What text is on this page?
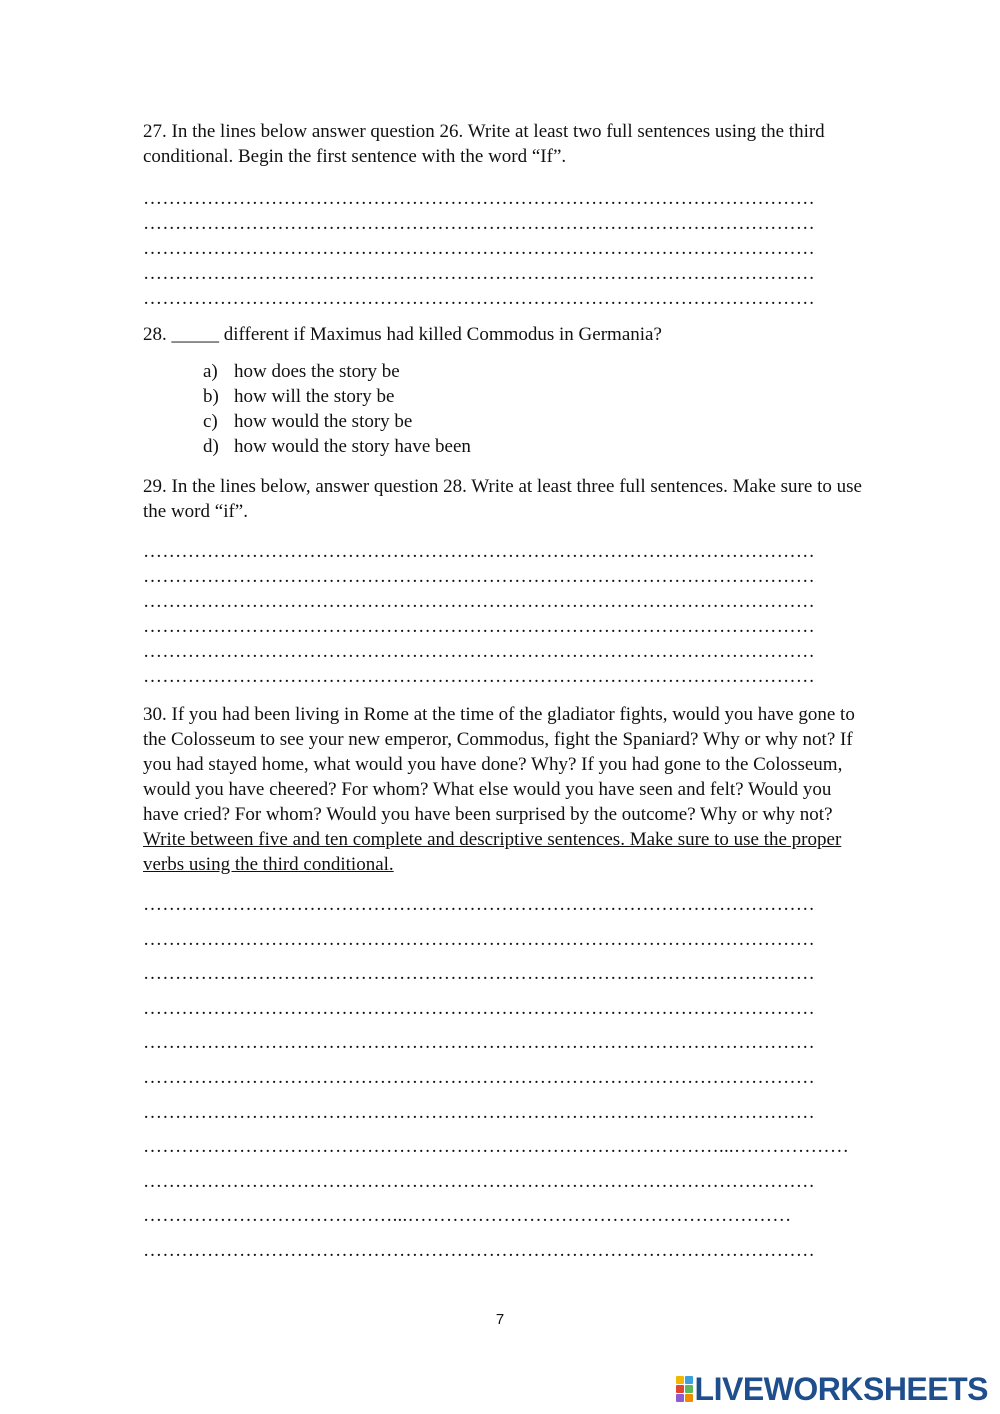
27. In the lines below answer question 26. Write at least two full sentences using the third conditional. Begin the first sentence with the word “If”.

……………………………………………………………………………………………
……………………………………………………………………………………………
……………………………………………………………………………………………
……………………………………………………………………………………………
……………………………………………………………………………………………

28. _____ different if Maximus had killed Commodus in Germania?

a) how does the story be
b) how will the story be
c) how would the story be
d) how would the story have been

29. In the lines below, answer question 28. Write at least three full sentences. Make sure to use the word “if”.

……………………………………………………………………………………………
……………………………………………………………………………………………
……………………………………………………………………………………………
……………………………………………………………………………………………
……………………………………………………………………………………………
……………………………………………………………………………………………

30. If you had been living in Rome at the time of the gladiator fights, would you have gone to the Colosseum to see your new emperor, Commodus, fight the Spaniard? Why or why not? If you had stayed home, what would you have done? Why? If you had gone to the Colosseum, would you have cheered? For whom? What else would you have seen and felt? Would you have cried? For whom? Would you have been surprised by the outcome? Why or why not? Write between five and ten complete and descriptive sentences. Make sure to use the proper verbs using the third conditional.

……………………………………………………………………………………………
……………………………………………………………………………………………
……………………………………………………………………………………………
……………………………………………………………………………………………
……………………………………………………………………………………………
……………………………………………………………………………………………
……………………………………………………………………………………………
………………………………………………………………………………...………………
……………………………………………………………………………………………
…………………………………...……………………………………………………
……………………………………………………………………………………………
7
LIVEWORKSHEETS
